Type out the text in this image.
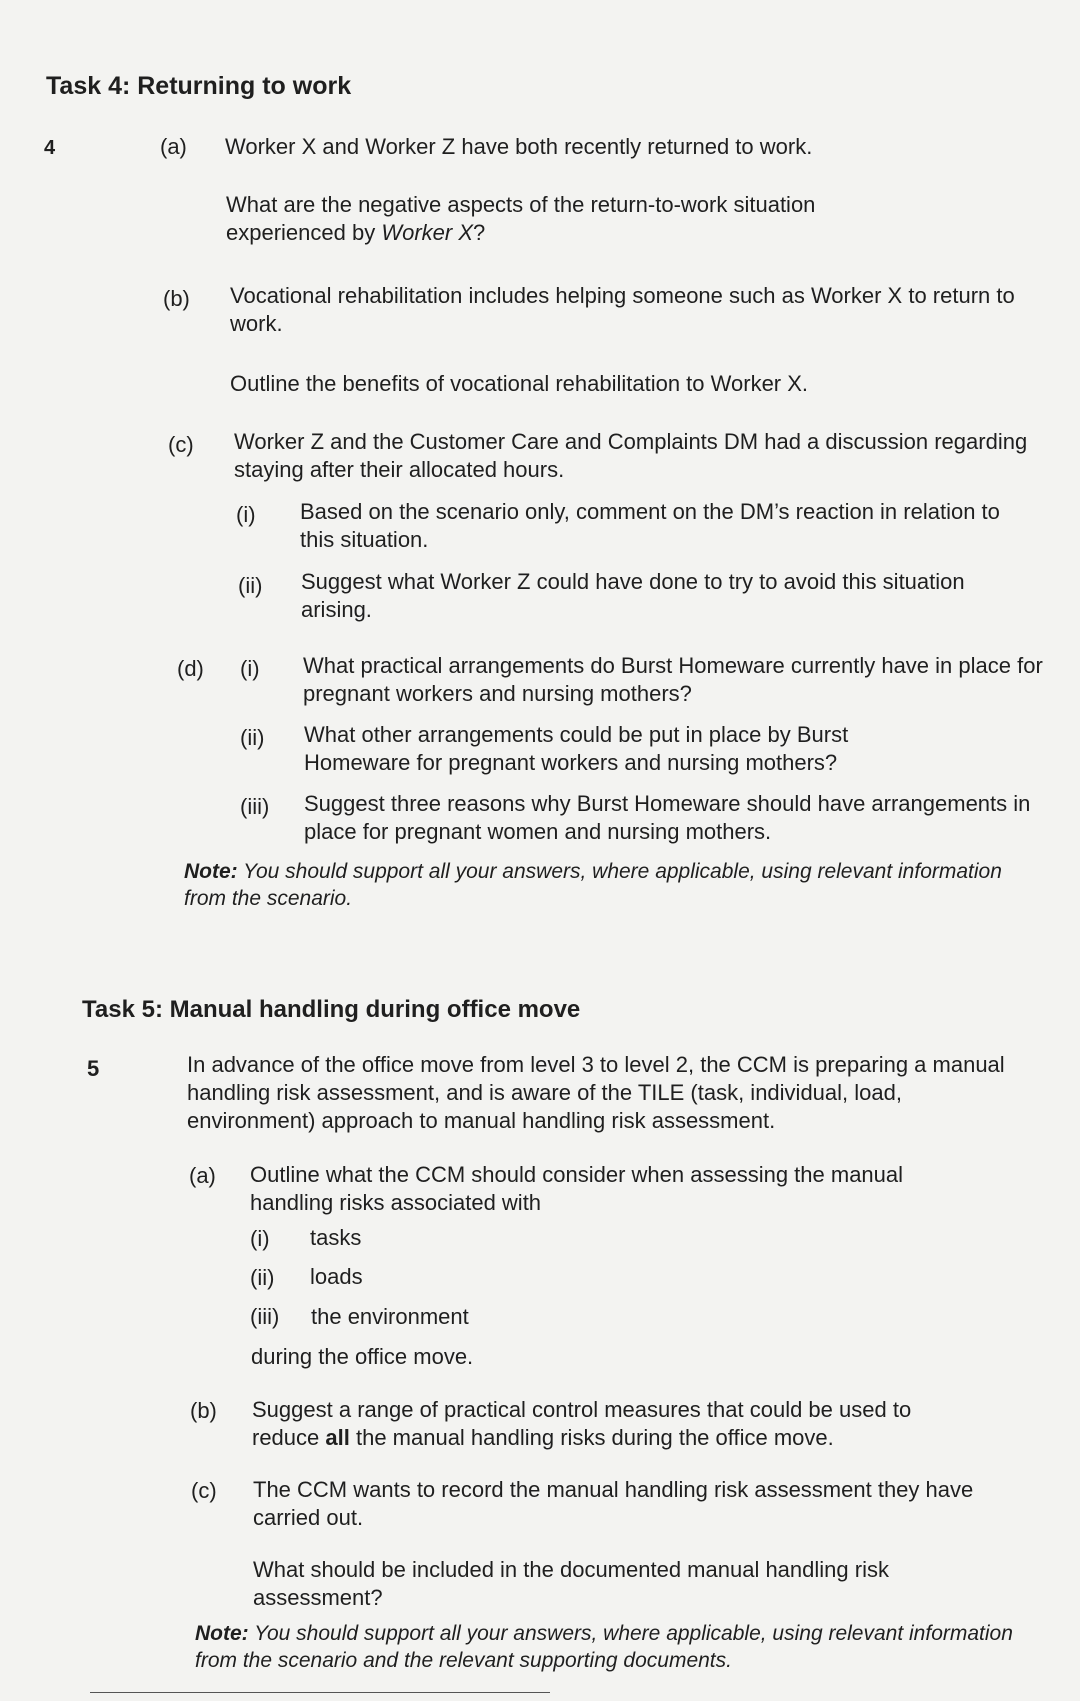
Task 4: Returning to work
4	(a) Worker X and Worker Z have both recently returned to work.
What are the negative aspects of the return-to-work situation experienced by Worker X?
(b) Vocational rehabilitation includes helping someone such as Worker X to return to work.
Outline the benefits of vocational rehabilitation to Worker X.
(c) Worker Z and the Customer Care and Complaints DM had a discussion regarding staying after their allocated hours.
(i) Based on the scenario only, comment on the DM’s reaction in relation to this situation.
(ii) Suggest what Worker Z could have done to try to avoid this situation arising.
(d) (i) What practical arrangements do Burst Homeware currently have in place for pregnant workers and nursing mothers?
(ii) What other arrangements could be put in place by Burst Homeware for pregnant workers and nursing mothers?
(iii) Suggest three reasons why Burst Homeware should have arrangements in place for pregnant women and nursing mothers.
Note: You should support all your answers, where applicable, using relevant information from the scenario.
Task 5: Manual handling during office move
5	In advance of the office move from level 3 to level 2, the CCM is preparing a manual handling risk assessment, and is aware of the TILE (task, individual, load, environment) approach to manual handling risk assessment.
(a) Outline what the CCM should consider when assessing the manual handling risks associated with
(i) tasks
(ii) loads
(iii) the environment
during the office move.
(b) Suggest a range of practical control measures that could be used to reduce all the manual handling risks during the office move.
(c) The CCM wants to record the manual handling risk assessment they have carried out.
What should be included in the documented manual handling risk assessment?
Note: You should support all your answers, where applicable, using relevant information from the scenario and the relevant supporting documents.
